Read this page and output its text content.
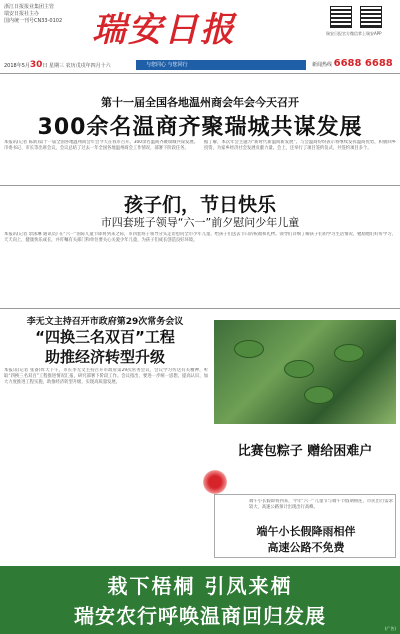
浙江日报报业集团主管
瑞安日报社主办
国内统一刊号CN33-0102 瑞安日报	瑞安日报官方微信 掌上瑞安APP
2018年5月30日 星期三 农历戊戌年四月十六	与您同心 与您同行	新闻热线 6688 6688
第十一届全国各地温州商会年会今天召开
300余名温商齐聚瑞城共谋发展
本报讯(记者 陈新)第十一届全国各地温州商会年会今天在我市召开。300余名温商齐聚瑞城共谋发展。市委书记、市长等出席会议。会议总结了过去一年全国各地温州商会工作情况，部署下阶段任务。
据了解，本次年会主题为“新时代新温商新发展”。与会温商纷纷表示将继续发挥温商优势，积极回乡投资，为家乡经济社会发展贡献力量。会上，还举行了项目签约仪式，共签约项目多个。
孩子们，节日快乐
市四套班子领导“六一”前夕慰问少年儿童
本报讯(记者 余泳琳 通讯员) 在“六一”国际儿童节即将到来之际，市四套班子领导分头走访慰问全市少年儿童，给孩子们送去节日的祝福和礼物。领导们详细了解孩子们的学习生活情况，勉励他们好好学习、天天向上，健康快乐成长，并叮嘱有关部门和单位要关心关爱少年儿童，为孩子们成长创造良好环境。
李无文主持召开市政府第29次常务会议
“四换三名双百”工程
助推经济转型升级
本报讯(记者 张备)昨天下午，市长李无文主持召开市政府第29次常务会议，会议学习传达有关精神，听取“四换三名双百”工程推进情况汇报，研究部署下阶段工作。会议指出，要进一步统一思想，提高认识，加大力度推进工程实施，助推经济转型升级，实现高质量发展。
比赛包粽子 赠给困难户
端午小长假即将到来，今年“六一”儿童节与端午节假期相连，市民出行需求较大，高速公路预计出现出行高峰。
端午小长假降雨相伴
高速公路不免费
栽下梧桐 引凤来栖
瑞安农行呼唤温商回归发展
(广告)
